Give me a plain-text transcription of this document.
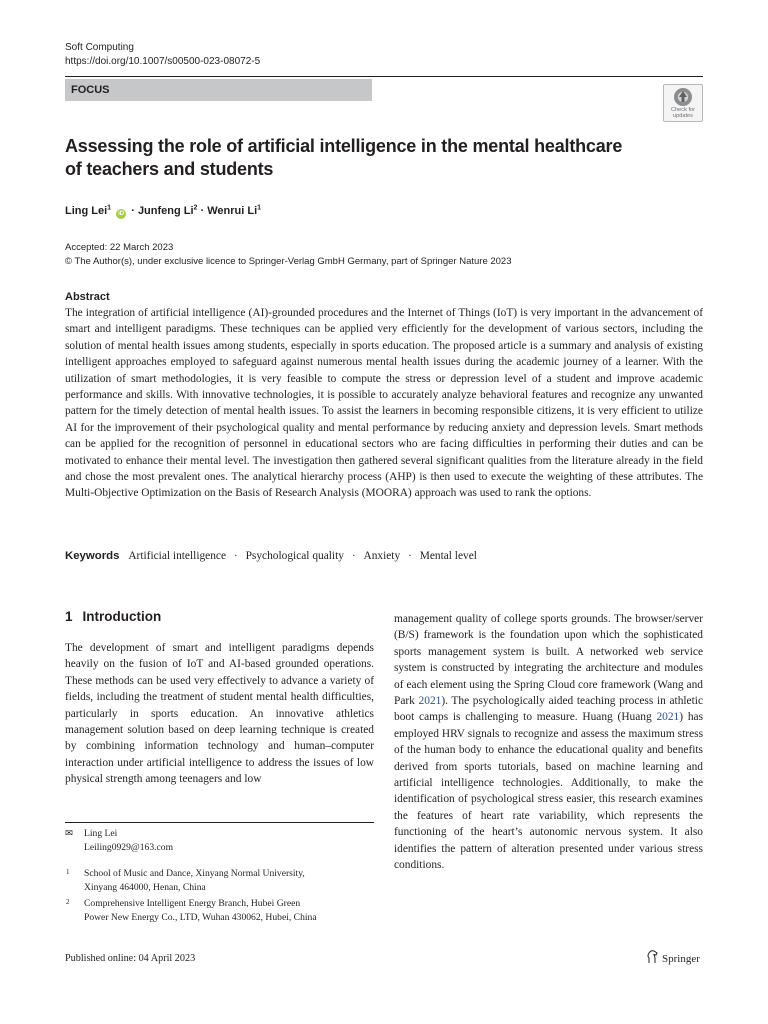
Soft Computing
https://doi.org/10.1007/s00500-023-08072-5
FOCUS
Check for
updates
Assessing the role of artificial intelligence in the mental healthcare
of teachers and students
Ling Lei$^1$ iD · Junfeng $Li^2$ · Wenrui Li$^1$
Accepted: 22 March 2023
© The Author(s), under exclusive licence to Springer-Verlag GmbH Germany, part of Springer Nature 2023
Abstract
The integration of artificial intelligence (AI)-grounded procedures and the Internet of Things (IoT) is very important in the advancement of smart and intelligent paradigms. These techniques can be applied very efficiently for the development of various sectors, including the solution of mental health issues among students, especially in sports education. The proposed article is a summary and analysis of existing intelligent approaches employed to safeguard against numerous mental health issues during the academic journey of a learner. With the utilization of smart methodologies, it is very feasible to compute the stress or depression level of a student and improve academic performance and skills. With innovative technologies, it is possible to accurately analyze behavioral features and recognize any unwanted pattern for the timely detection of mental health issues. To assist the learners in becoming responsible citizens, it is very efficient to utilize AI for the improvement of their psychological quality and mental performance by reducing anxiety and depression levels. Smart methods can be applied for the recognition of personnel in educational sectors who are facing difficulties in performing their duties and can be motivated to enhance their mental level. The investigation then gathered several significant qualities from the literature already in the field and chose the most prevalent ones. The analytical hierarchy process (AHP) is then used to execute the weighting of these attributes. The Multi-Objective Optimization on the Basis of Research Analysis (MOORA) approach was used to rank the options.
Keywords Artificial intelligence · Psychological quality · Anxiety · Mental level
1 Introduction
The development of smart and intelligent paradigms depends heavily on the fusion of IoT and AI-based grounded operations. These methods can be used very effectively to advance a variety of fields, including the treatment of student mental health difficulties, particularly in sports education. An innovative athletics management solution based on deep learning technique is created by combining information technology and human–computer interaction under artificial intelligence to address the issues of low physical strength among teenagers and low
management quality of college sports grounds. The browser/server (B/S) framework is the foundation upon which the sophisticated sports management system is built. A networked web service system is constructed by integrating the architecture and modules of each element using the Spring Cloud core framework (Wang and Park 2021). The psychologically aided teaching process in athletic boot camps is challenging to measure. Huang (Huang 2021) has employed HRV signals to recognize and assess the maximum stress of the human body to enhance the educational quality and benefits derived from sports tutorials, based on machine learning and artificial intelligence technologies. Additionally, to make the identification of psychological stress easier, this research examines the features of heart rate variability, which represents the functioning of the heart’s autonomic nervous system. It also identifies the pattern of alteration presented under various stress conditions.
✉ Ling Lei
Leiling0929@163.com
1 School of Music and Dance, Xinyang Normal University,
Xinyang 464000, Henan, China
2 Comprehensive Intelligent Energy Branch, Hubei Green
Power New Energy Co., LTD, Wuhan 430062, Hubei, China
Published online: 04 April 2023	Springer
